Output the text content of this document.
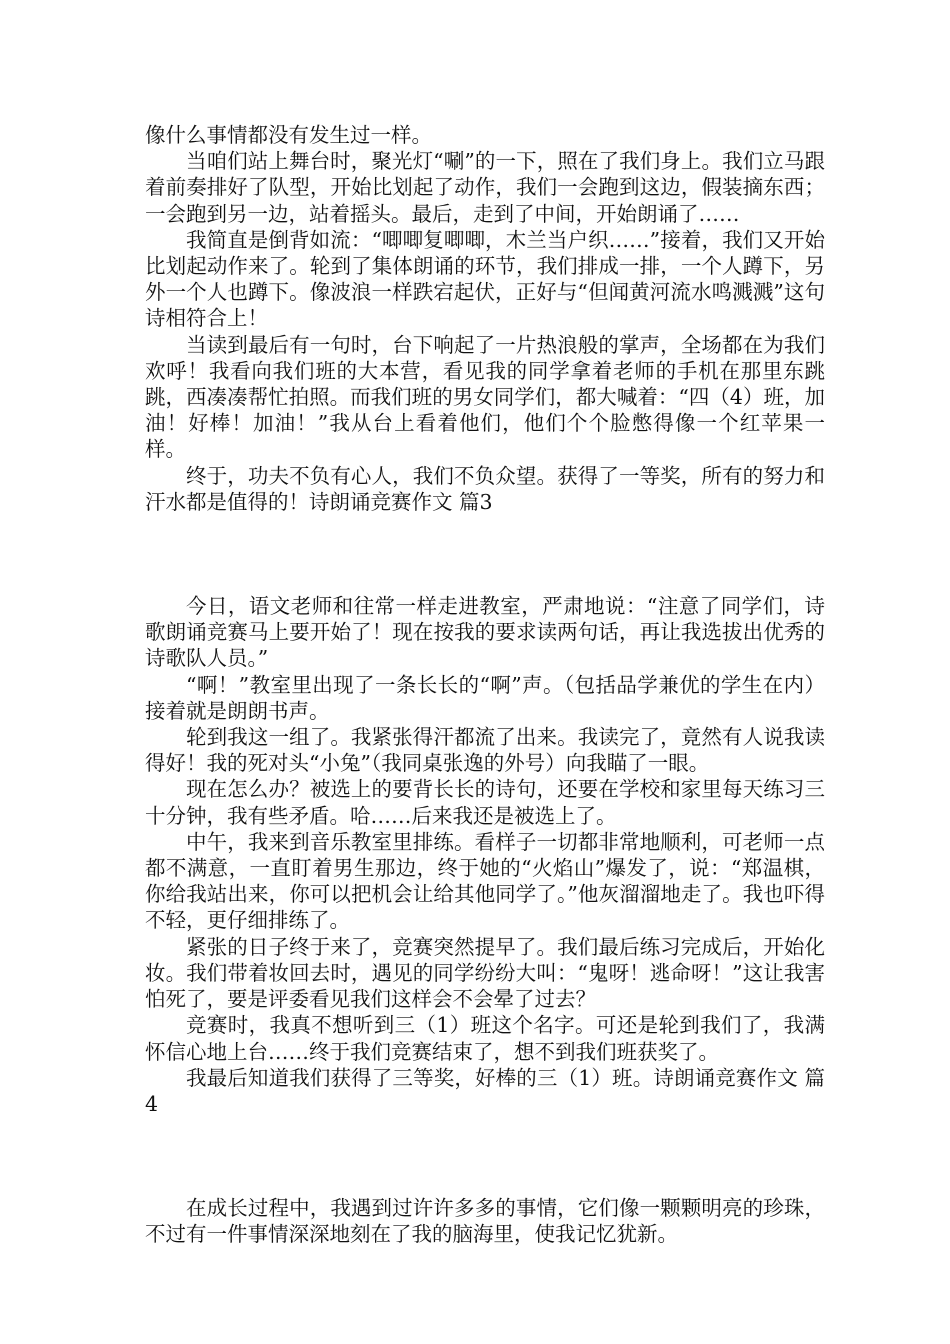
像什么事情都没有发生过一样。

当咱们站上舞台时，聚光灯“唰”的一下，照在了我们身上。我们立马跟着前奏排好了队型，开始比划起了动作，我们一会跑到这边，假装摘东西；一会跑到另一边，站着摇头。最后，走到了中间，开始朗诵了……

我简直是倒背如流：“唧唧复唧唧，木兰当户织……”接着，我们又开始比划起动作来了。轮到了集体朗诵的环节，我们排成一排，一个人蹲下，另外一个人也蹲下。像波浪一样跌宕起伏，正好与“但闻黄河流水鸣溅溅”这句诗相符合上！

当读到最后有一句时，台下响起了一片热浪般的掌声，全场都在为我们欢呼！我看向我们班的大本营，看见我的同学拿着老师的手机在那里东跳跳，西凑凑帮忙拍照。而我们班的男女同学们，都大喊着：“四（4）班，加油！好棒！加油！”我从台上看着他们，他们个个脸憋得像一个红苹果一样。

终于，功夫不负有心人，我们不负众望。获得了一等奖，所有的努力和汗水都是值得的！诗朗诵竞赛作文 篇3

今日，语文老师和往常一样走进教室，严肃地说：“注意了同学们，诗歌朗诵竞赛马上要开始了！现在按我的要求读两句话，再让我选拔出优秀的诗歌队人员。”

“啊！”教室里出现了一条长长的“啊”声。（包括品学兼优的学生在内）接着就是朗朗书声。

轮到我这一组了。我紧张得汗都流了出来。我读完了，竟然有人说我读得好！我的死对头“小兔”（我同桌张逸的外号）向我瞄了一眼。

现在怎么办？被选上的要背长长的诗句，还要在学校和家里每天练习三十分钟，我有些矛盾。哈……后来我还是被选上了。

中午，我来到音乐教室里排练。看样子一切都非常地顺利，可老师一点都不满意，一直盯着男生那边，终于她的“火焰山”爆发了，说：“郑温棋，你给我站出来，你可以把机会让给其他同学了。”他灰溜溜地走了。我也吓得不轻，更仔细排练了。

紧张的日子终于来了，竞赛突然提早了。我们最后练习完成后，开始化妆。我们带着妆回去时，遇见的同学纷纷大叫：“鬼呀！逃命呀！”这让我害怕死了，要是评委看见我们这样会不会晕了过去？

竞赛时，我真不想听到三（1）班这个名字。可还是轮到我们了，我满怀信心地上台……终于我们竞赛结束了，想不到我们班获奖了。

我最后知道我们获得了三等奖，好棒的三（1）班。诗朗诵竞赛作文 篇4

在成长过程中，我遇到过许许多多的事情，它们像一颗颗明亮的珍珠，不过有一件事情深深地刻在了我的脑海里，使我记忆犹新。
